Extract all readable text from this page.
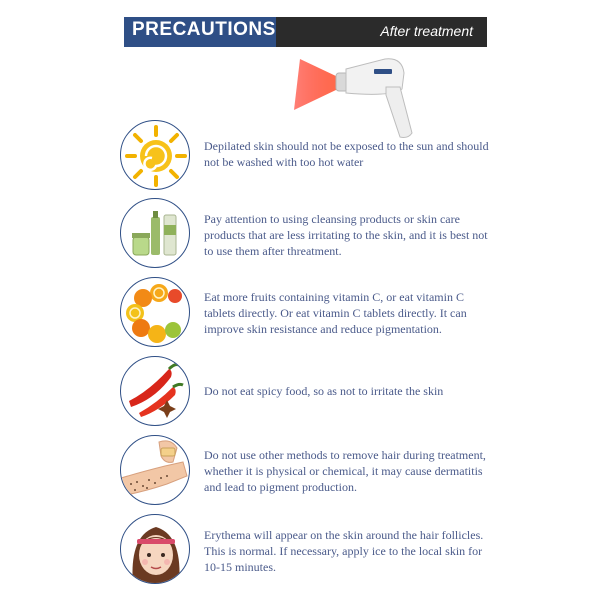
PRECAUTIONS	After treatment
Depilated skin should not be exposed to the sun and should not be washed with too hot water
Pay attention to using cleansing products or skin care products that are less irritating to the skin, and it is best not to use them after threatment.
Eat more fruits containing vitamin C, or eat vitamin C tablets directly. Or eat vitamin C tablets directly. It can improve skin resistance and reduce pigmentation.
Do not eat spicy food, so as not to irritate the skin
Do not use other methods to remove hair during treatment, whether it is physical or chemical, it may cause dermatitis and lead to pigment production.
Erythema will appear on the skin around the hair follicles. This is normal. If necessary, apply ice to the local skin for 10-15 minutes.
